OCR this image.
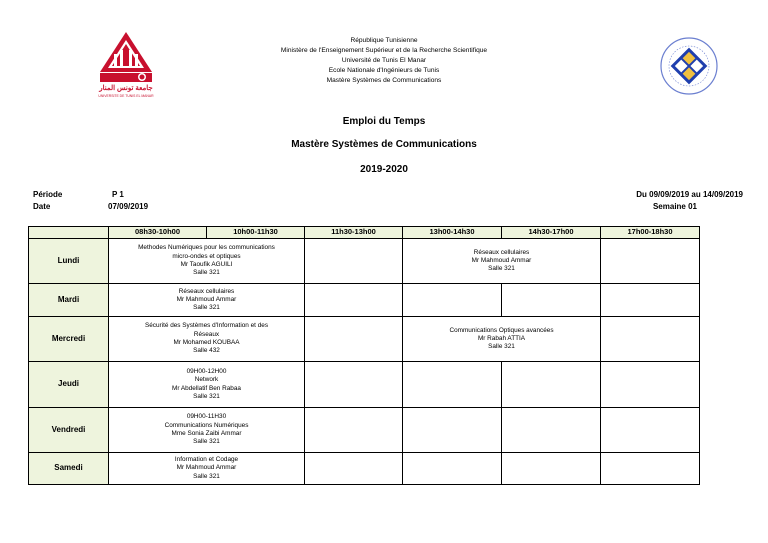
جامعة تونس المنار
UNIVERSITE DE TUNIS EL MANAR
République Tunisienne
Ministère de l'Enseignement Supérieur et de la Recherche Scientifique
Université de Tunis El Manar
Ecole Nationale d'Ingénieurs de Tunis
Mastère Systèmes de Communications
Emploi du Temps
Mastère Systèmes de Communications
2019-2020
Période	P 1
Date	07/09/2019
Du 09/09/2019 au 14/09/2019
Semaine 01
	08h30-10h00	10h00-11h30	11h30-13h00	13h00-14h30	14h30-17h00	17h00-18h30
Lundi	Methodes Numériques pour les communications
micro-ondes et optiques
Mr Taoufik AGUILI
Salle 321			Réseaux cellulaires
Mr Mahmoud Ammar
Salle 321		

Mardi	Réseaux cellulaires
Mr Mahmoud Ammar
Salle 321					

Mercredi	Sécurité des Systèmes d'Information et des
Réseaux
Mr Mohamed KOUBAA
Salle 432			Communications Optiques avancées
Mr Rabah ATTIA
Salle 321		

Jeudi	09H00-12H00
Network
Mr Abdellatif Ben Rabaa
Salle 321					

Vendredi	09H00-11H30
Communications Numériques
Mme Sonia Zaibi Ammar
Salle 321					

Samedi	Information et Codage
Mr Mahmoud Ammar
Salle 321					
